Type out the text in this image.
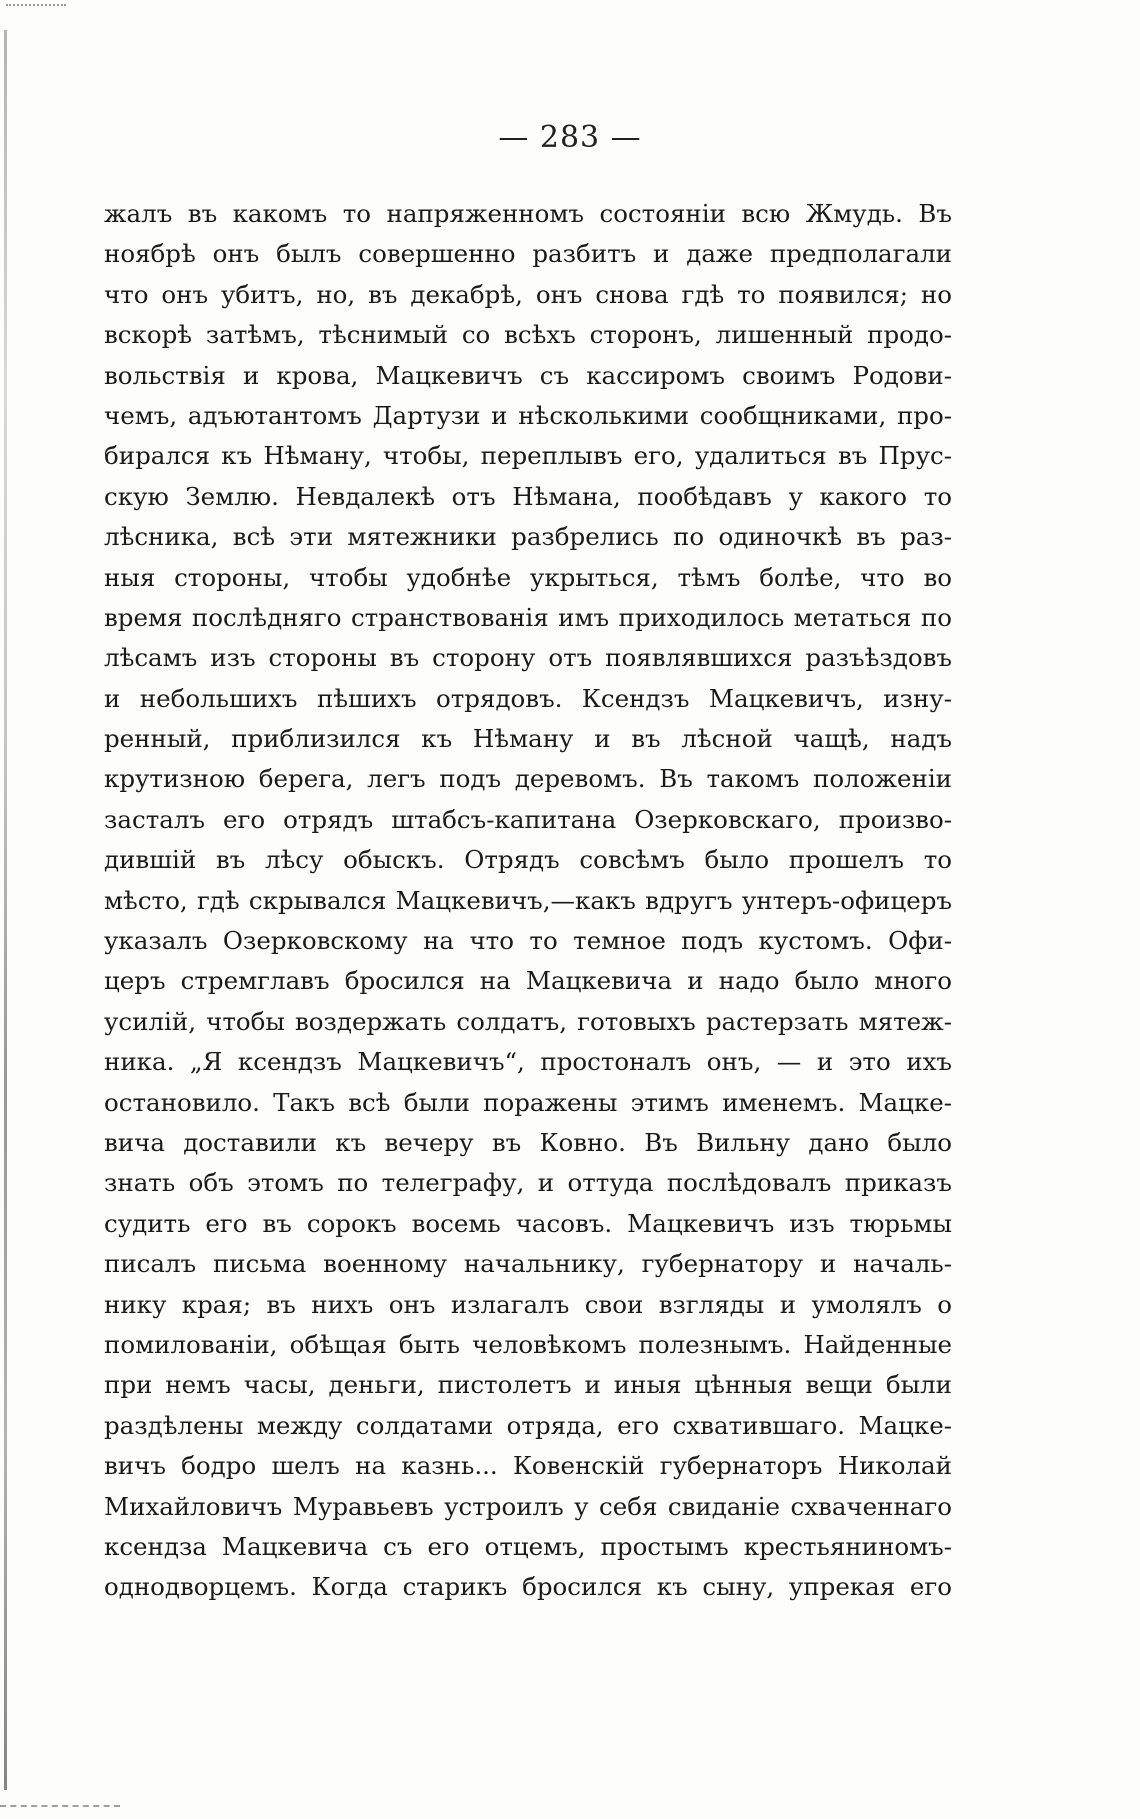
— 283 —
жалъ въ какомъ то напряженномъ состоянiи всю Жмудь. Въ
ноябрѣ онъ былъ совершенно разбитъ и даже предполагали
что онъ убитъ, но, въ декабрѣ, онъ снова гдѣ то появился; но
вскорѣ затѣмъ, тѣснимый со всѣхъ сторонъ, лишенный продо-
вольствiя и крова, Мацкевичъ съ кассиромъ своимъ Родови-
чемъ, адъютантомъ Дартузи и нѣсколькими сообщниками, про-
бирался къ Нѣману, чтобы, переплывъ его, удалиться въ Прус-
скую Землю. Невдалекѣ отъ Нѣмана, пообѣдавъ у какого то
лѣсника, всѣ эти мятежники разбрелись по одиночкѣ въ раз-
ныя стороны, чтобы удобнѣе укрыться, тѣмъ болѣе, что во
время послѣдняго странствованiя имъ приходилось метаться по
лѣсамъ изъ стороны въ сторону отъ появлявшихся разъѣздовъ
и небольшихъ пѣшихъ отрядовъ. Ксендзъ Мацкевичъ, изну-
ренный, приблизился къ Нѣману и въ лѣсной чащѣ, надъ
крутизною берега, легъ подъ деревомъ. Въ такомъ положенiи
засталъ его отрядъ штабсъ-капитана Озерковскаго, произво-
дившiй въ лѣсу обыскъ. Отрядъ совсѣмъ было прошелъ то
мѣсто, гдѣ скрывался Мацкевичъ,—какъ вдругъ унтеръ-офицеръ
указалъ Озерковскому на что то темное подъ кустомъ. Офи-
церъ стремглавъ бросился на Мацкевича и надо было много
усилiй, чтобы воздержать солдатъ, готовыхъ растерзать мятеж-
ника. „Я ксендзъ Мацкевичъ“, простоналъ онъ, — и это ихъ
остановило. Такъ всѣ были поражены этимъ именемъ. Мацке-
вича доставили къ вечеру въ Ковно. Въ Вильну дано было
знать объ этомъ по телеграфу, и оттуда послѣдовалъ приказъ
судить его въ сорокъ восемь часовъ. Мацкевичъ изъ тюрьмы
писалъ письма военному начальнику, губернатору и началь-
нику края; въ нихъ онъ излагалъ свои взгляды и умолялъ о
помилованiи, обѣщая быть человѣкомъ полезнымъ. Найденные
при немъ часы, деньги, пистолетъ и иныя цѣнныя вещи были
раздѣлены между солдатами отряда, его схватившаго. Мацке-
вичъ бодро шелъ на казнь... Ковенскiй губернаторъ Николай
Михайловичъ Муравьевъ устроилъ у себя свиданiе схваченнаго
ксендза Мацкевича съ его отцемъ, простымъ крестьяниномъ-
однодворцемъ. Когда старикъ бросился къ сыну, упрекая его
